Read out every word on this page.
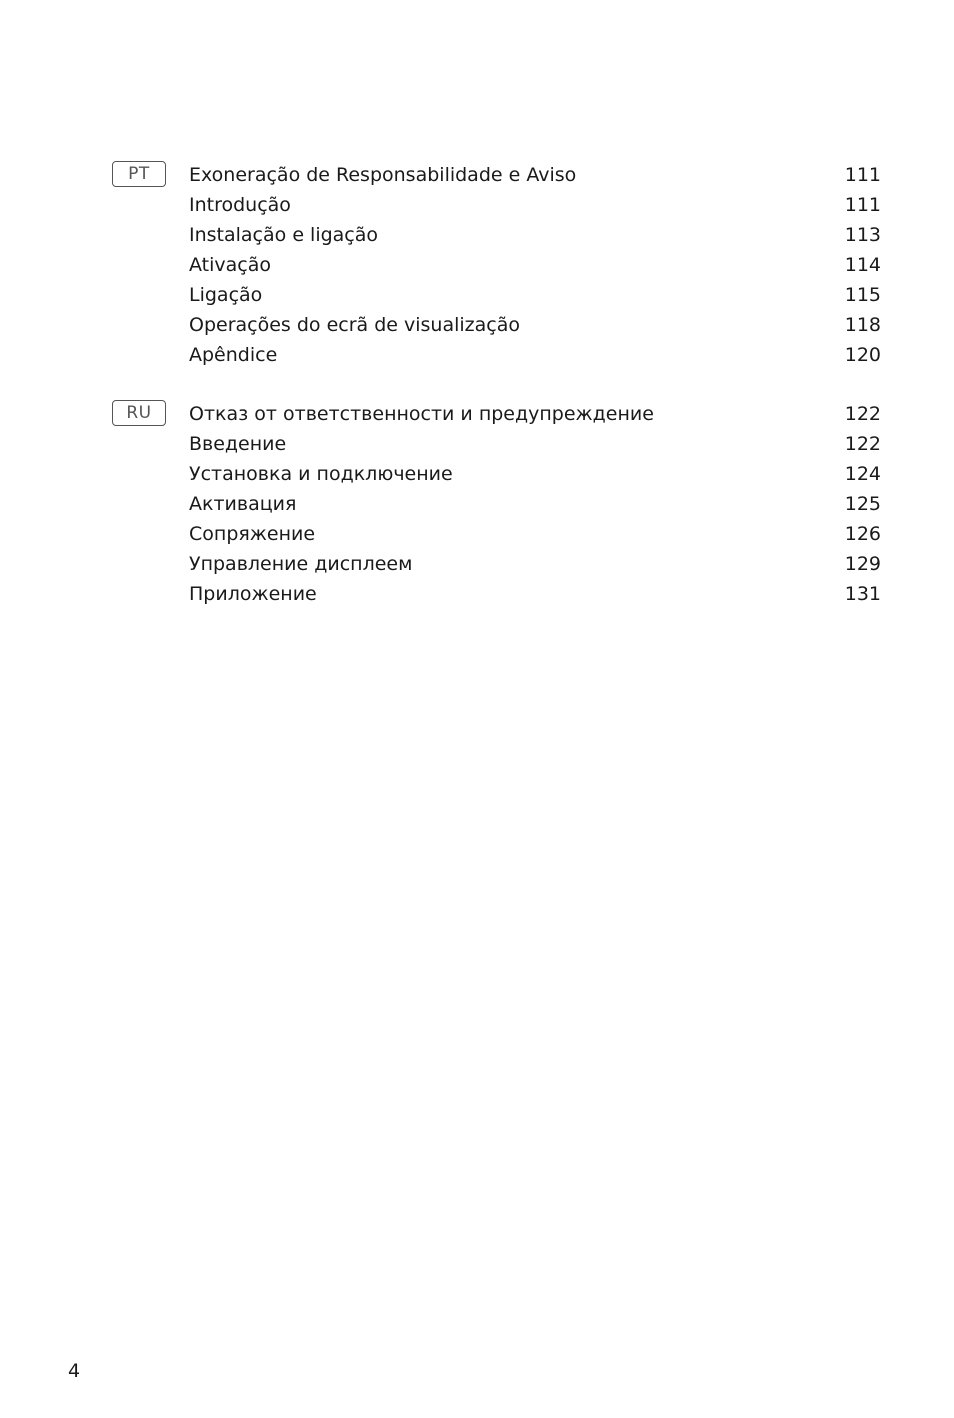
PT	Exoneração de Responsabilidade e Aviso	111
Introdução	111
Instalação e ligação	113
Ativação	114
Ligação	115
Operações do ecrã de visualização	118
Apêndice	120
RU	Отказ от ответственности и предупреждение	122
Введение	122
Установка и подключение	124
Активация	125
Сопряжение	126
Управление дисплеем	129
Приложение	131
4
